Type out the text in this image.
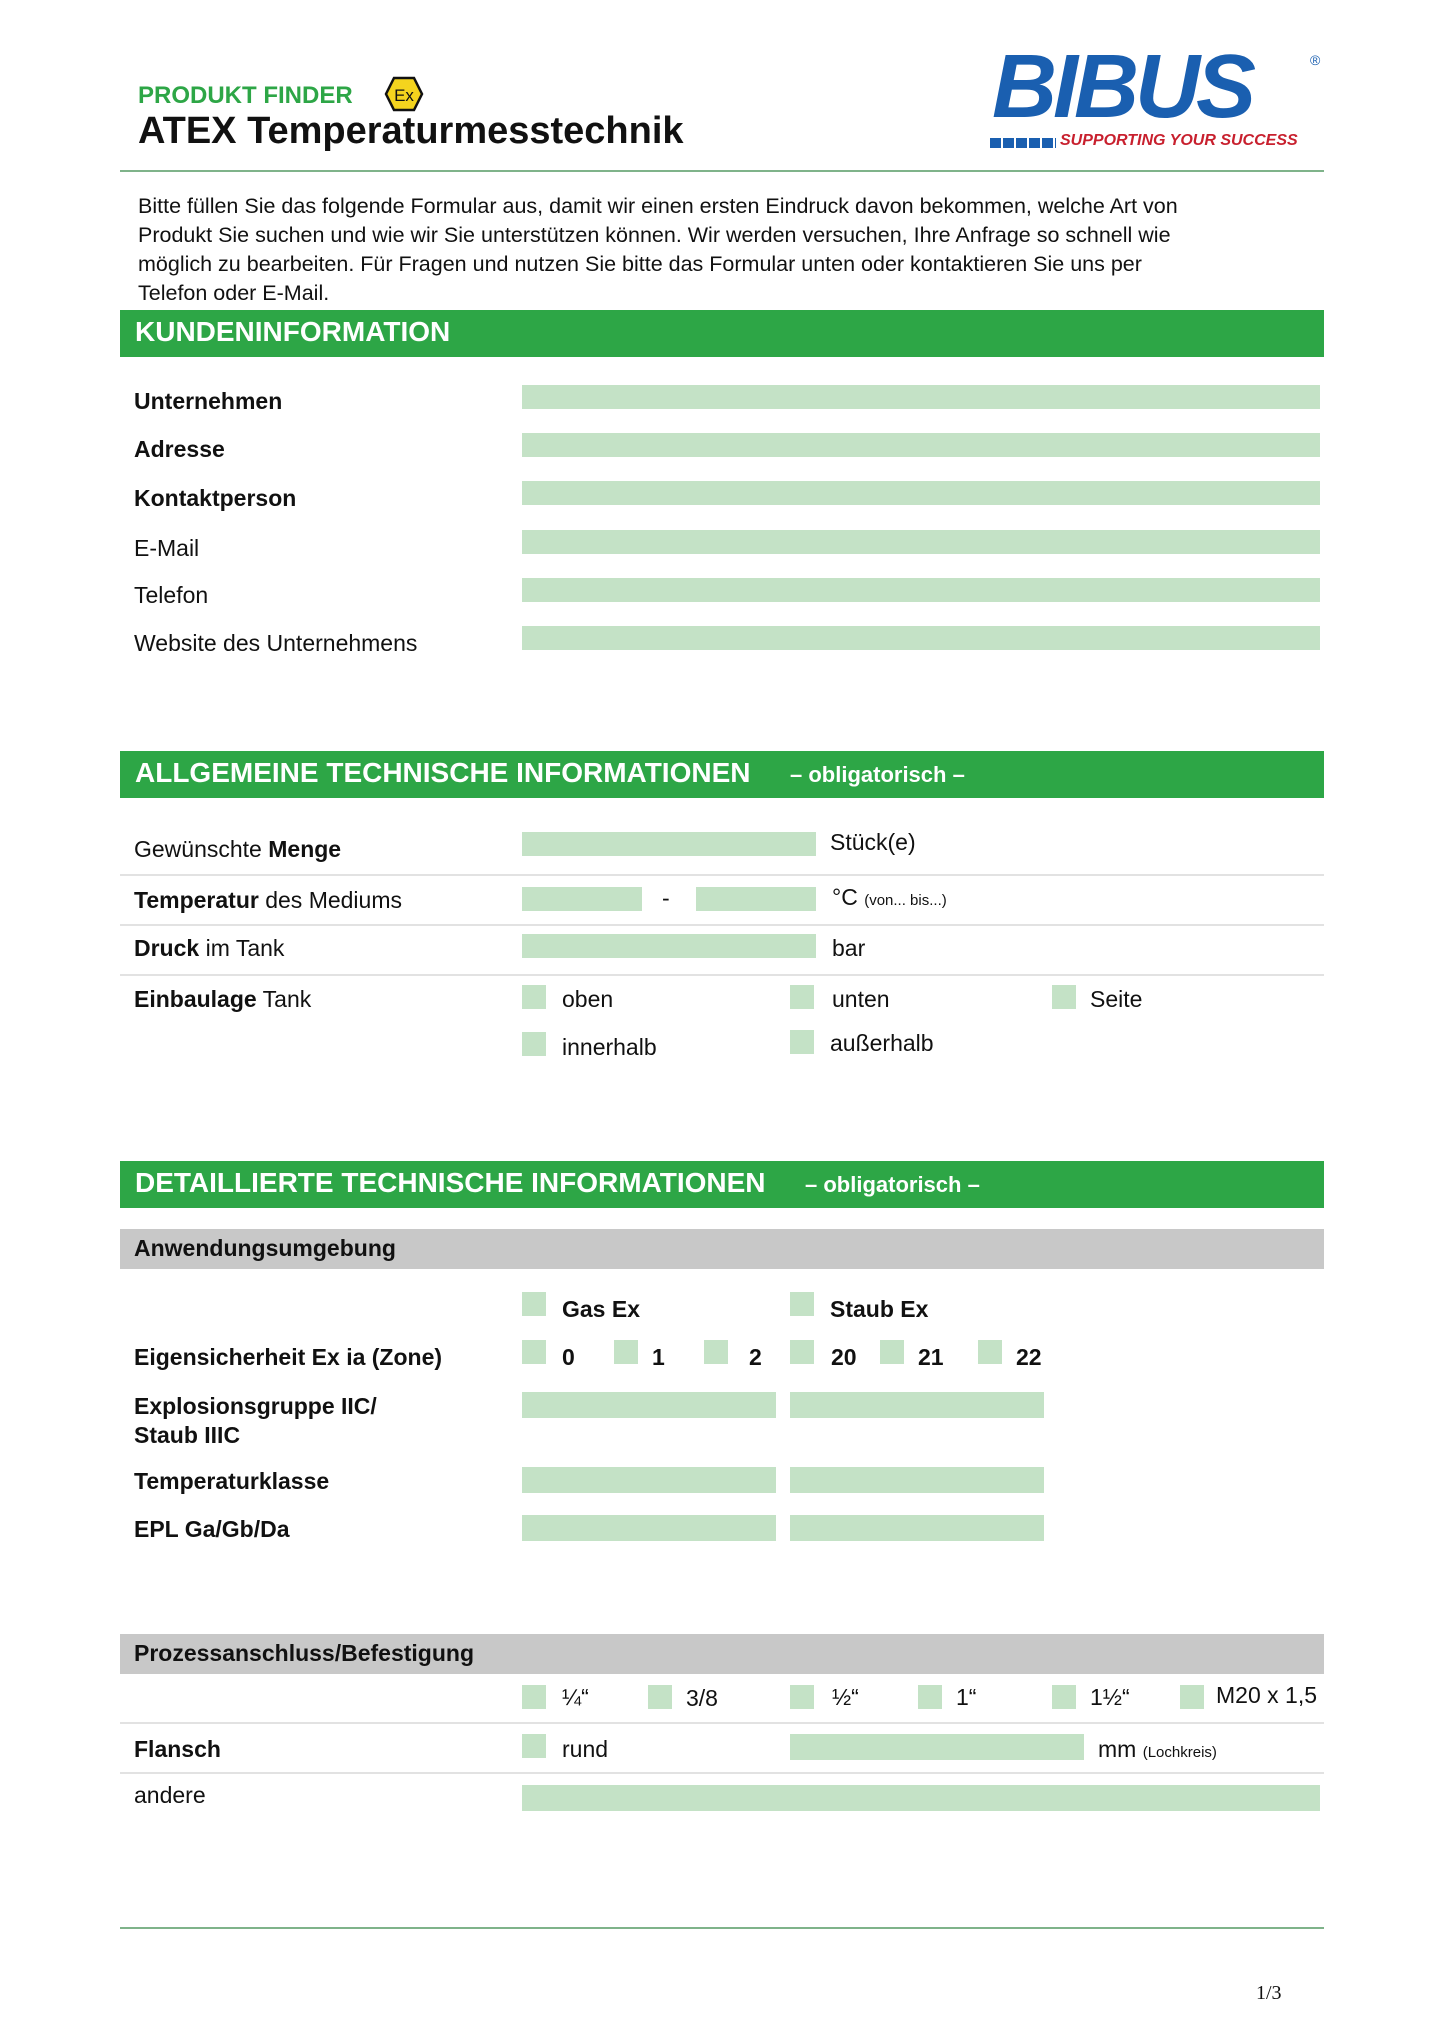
PRODUKT FINDER Ex
ATEX Temperaturmesstechnik	BIBUS	®
SUPPORTING YOUR SUCCESS
Bitte füllen Sie das folgende Formular aus, damit wir einen ersten Eindruck davon bekommen, welche Art von
Produkt Sie suchen und wie wir Sie unterstützen können. Wir werden versuchen, Ihre Anfrage so schnell wie
möglich zu bearbeiten. Für Fragen und nutzen Sie bitte das Formular unten oder kontaktieren Sie uns per
Telefon oder E-Mail.
KUNDENINFORMATION
Unternehmen
Adresse
Kontaktperson
E-Mail
Telefon
Website des Unternehmens
ALLGEMEINE TECHNISCHE INFORMATIONEN – obligatorisch –
Gewünschte Menge	Stück(e)
Temperatur des Mediums	-	°C (von... bis...)
Druck im Tank	bar
Einbaulage Tank	oben	unten	Seite
innerhalb	außerhalb
DETAILLIERTE TECHNISCHE INFORMATIONEN – obligatorisch –
Anwendungsumgebung
Gas Ex	Staub Ex
Eigensicherheit Ex ia (Zone)	0	1	2	20	21	22
Explosionsgruppe IIC/
Staub IIIC
Temperaturklasse
EPL Ga/Gb/Da
Prozessanschluss/Befestigung
¼“	3/8	½“	1“	1½“	M20 x 1,5
Flansch	rund	mm (Lochkreis)
andere
1/3
